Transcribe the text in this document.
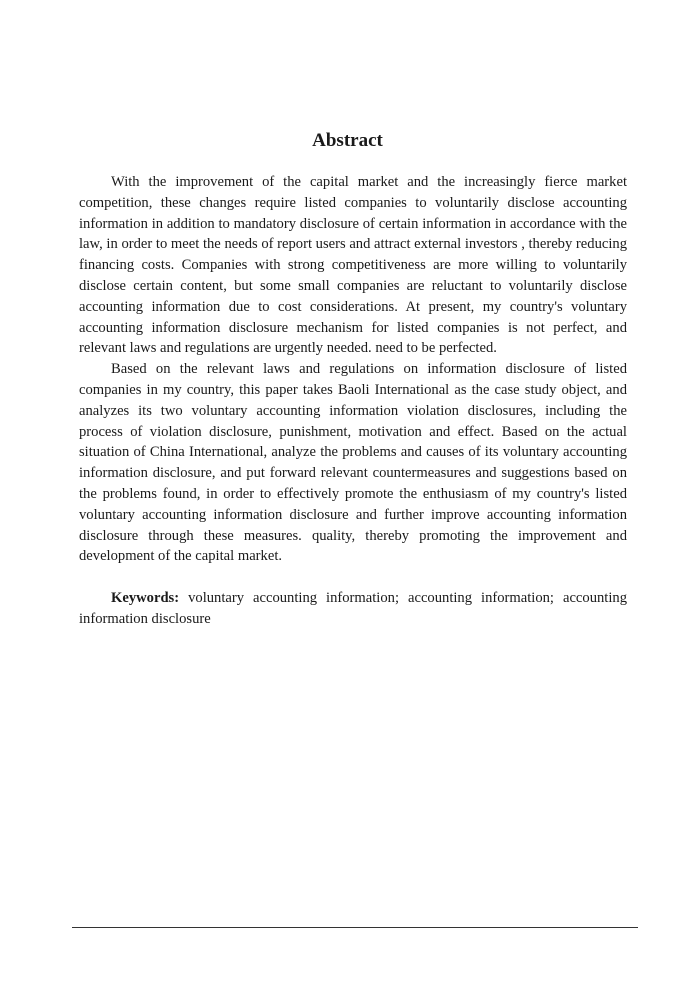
Abstract

With the improvement of the capital market and the increasingly fierce market competition, these changes require listed companies to voluntarily disclose accounting information in addition to mandatory disclosure of certain information in accordance with the law, in order to meet the needs of report users and attract external investors , thereby reducing financing costs. Companies with strong competitiveness are more willing to voluntarily disclose certain content, but some small companies are reluctant to voluntarily disclose accounting information due to cost considerations. At present, my country's voluntary accounting information disclosure mechanism for listed companies is not perfect, and relevant laws and regulations are urgently needed. need to be perfected.

Based on the relevant laws and regulations on information disclosure of listed companies in my country, this paper takes Baoli International as the case study object, and analyzes its two voluntary accounting information violation disclosures, including the process of violation disclosure, punishment, motivation and effect. Based on the actual situation of China International, analyze the problems and causes of its voluntary accounting information disclosure, and put forward relevant countermeasures and suggestions based on the problems found, in order to effectively promote the enthusiasm of my country's listed voluntary accounting information disclosure and further improve accounting information disclosure through these measures. quality, thereby promoting the improvement and development of the capital market.

Keywords: voluntary accounting information; accounting information; accounting information disclosure
